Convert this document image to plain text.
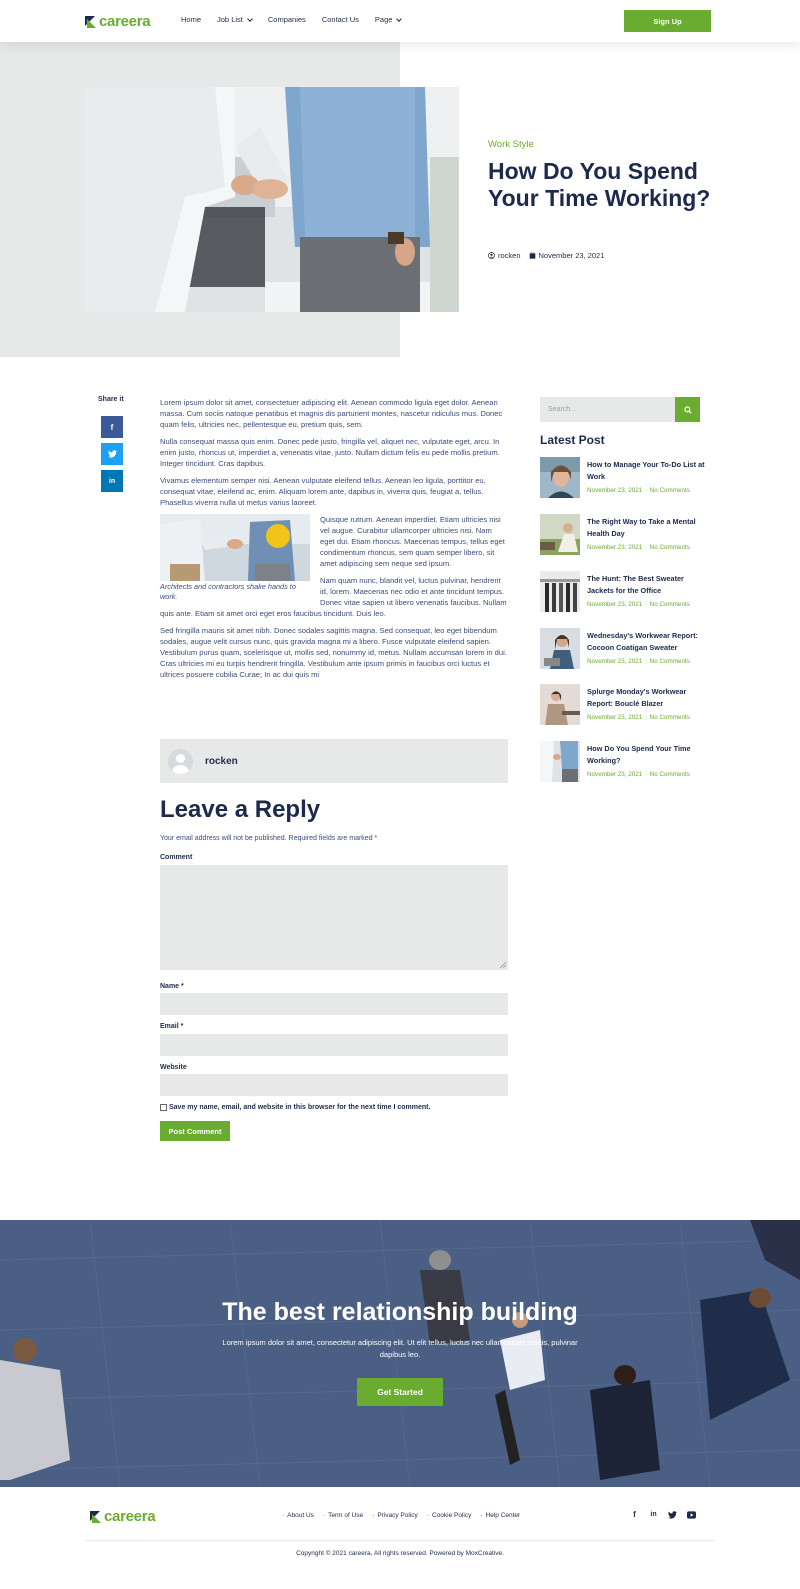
careera	Home Job List	Companies Contact Us Page	Sign Up
Work Style
How Do You Spend Your Time Working?
rocken	November 23, 2021
Share it
f
in

Lorem ipsum dolor sit amet, consectetuer adipiscing elit. Aenean commodo ligula eget dolor. Aenean massa. Cum sociis natoque penatibus et magnis dis parturient montes, nascetur ridiculus mus. Donec quam felis, ultricies nec, pellentesque eu, pretium quis, sem.

Nulla consequat massa quis enim. Donec pede justo, fringilla vel, aliquet nec, vulputate eget, arcu. In enim justo, rhoncus ut, imperdiet a, venenatis vitae, justo. Nullam dictum felis eu pede mollis pretium. Integer tincidunt. Cras dapibus.

Vivamus elementum semper nisi. Aenean vulputate eleifend tellus. Aenean leo ligula, porttitor eu, consequat vitae, eleifend ac, enim. Aliquam lorem ante, dapibus in, viverra quis, feugiat a, tellus. Phasellus viverra nulla ut metus varius laoreet.

Architects and contractors shake hands to work.

Quisque rutrum. Aenean imperdiet. Etiam ultricies nisi vel augue. Curabitur ullamcorper ultricies nisi. Nam eget dui. Etiam rhoncus. Maecenas tempus, tellus eget condimentum rhoncus, sem quam semper libero, sit amet adipiscing sem neque sed ipsum.

Nam quam nunc, blandit vel, luctus pulvinar, hendrerit id, lorem. Maecenas nec odio et ante tincidunt tempus. Donec vitae sapien ut libero venenatis faucibus. Nullam quis ante. Etiam sit amet orci eget eros faucibus tincidunt. Duis leo.

Sed fringilla mauris sit amet nibh. Donec sodales sagittis magna. Sed consequat, leo eget bibendum sodales, augue velit cursus nunc, quis gravida magna mi a libero. Fusce vulputate eleifend sapien. Vestibulum purus quam, scelerisque ut, mollis sed, nonummy id, metus. Nullam accumsan lorem in dui. Cras ultricies mi eu turpis hendrerit fringilla. Vestibulum ante ipsum primis in faucibus orci luctus et ultrices posuere cubilia Curae; In ac dui quis mi

rocken
Leave a Reply
Your email address will not be published. Required fields are marked *
Comment
Name *
Email *
Website
Save my name, email, and website in this browser for the next time I comment.
Post Comment
Search...
Latest Post
How to Manage Your To-Do List at Work
November 23, 2021  · No Comments
The Right Way to Take a Mental Health Day
November 23, 2021  · No Comments
The Hunt: The Best Sweater Jackets for the Office
November 23, 2021  · No Comments
Wednesday's Workwear Report: Cocoon Coatigan Sweater
November 23, 2021  · No Comments
Splurge Monday's Workwear Report: Bouclé Blazer
November 23, 2021  · No Comments
How Do You Spend Your Time Working?
November 23, 2021  · No Comments
The best relationship building
Lorem ipsum dolor sit amet, consectetur adipiscing elit. Ut elit tellus, luctus nec ullamcorper mattis, pulvinar dapibus leo.
Get Started
careera	· About Us	· Term of Use	· Privacy Policy	· Cookie Policy	· Help Center	f	in
Copyright © 2021 careera, All rights reserved. Powered by MoxCreative.
